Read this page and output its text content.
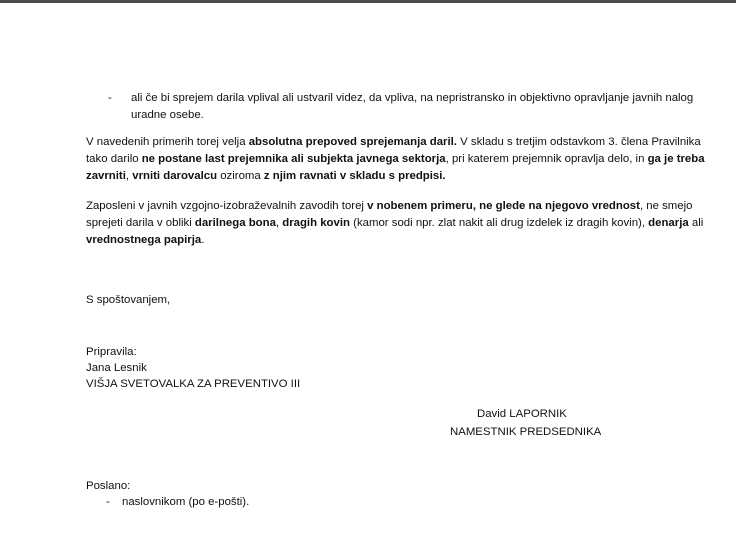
- ali če bi sprejem darila vplival ali ustvaril videz, da vpliva, na nepristransko in objektivno opravljanje javnih nalog
uradne osebe.
V navedenih primerih torej velja absolutna prepoved sprejemanja daril. V skladu s tretjim odstavkom 3. člena Pravilnika
tako darilo ne postane last prejemnika ali subjekta javnega sektorja, pri katerem prejemnik opravlja delo, in ga je treba
zavrniti, vrniti darovalcu oziroma z njim ravnati v skladu s predpisi.
Zaposleni v javnih vzgojno-izobraževalnih zavodih torej v nobenem primeru, ne glede na njegovo vrednost, ne smejo
sprejeti darila v obliki darilnega bona, dragih kovin (kamor sodi npr. zlat nakit ali drug izdelek iz dragih kovin), denarja ali
vrednostnega papirja.
S spoštovanjem,
Pripravila:
Jana Lesnik
VIŠJA SVETOVALKA ZA PREVENTIVO III
David LAPORNIK
NAMESTNIK PREDSEDNIKA
Poslano:
- naslovnikom (po e-pošti).
